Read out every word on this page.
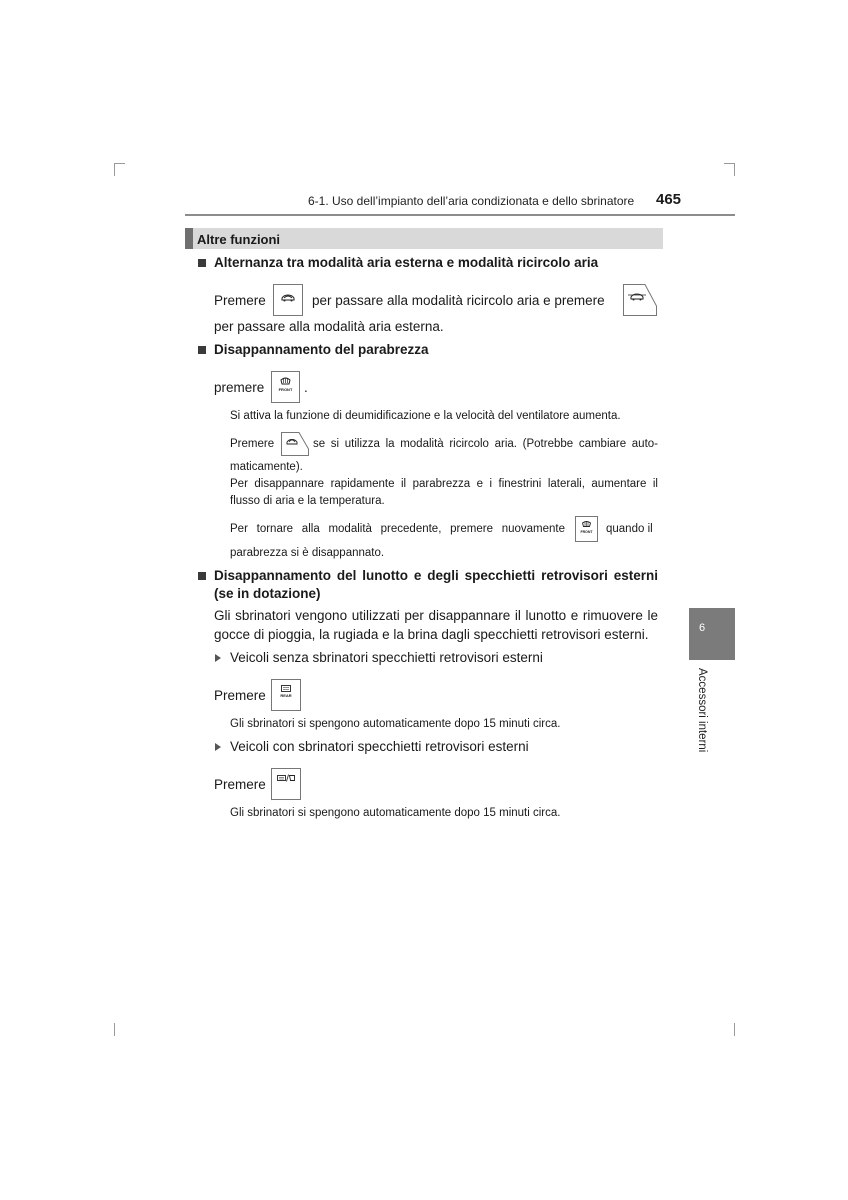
6-1. Uso dell’impianto dell’aria condizionata e dello sbrinatore 465
Altre funzioni
Alternanza tra modalità aria esterna e modalità ricircolo aria
Premere	per passare alla modalità ricircolo aria e premere
per passare alla modalità aria esterna.
Disappannamento del parabrezza
premere	FRONT .
Si attiva la funzione di deumidificazione e la velocità del ventilatore aumenta.
Premere	se si utilizza la modalità ricircolo aria. (Potrebbe cambiare auto-
maticamente).
Per disappannare rapidamente il parabrezza e i finestrini laterali, aumentare il
flusso di aria e la temperatura.
Per tornare alla modalità precedente, premere nuovamente	FRONT	quando il
parabrezza si è disappannato.
Disappannamento del lunotto e degli specchietti retrovisori esterni
(se in dotazione)
Gli sbrinatori vengono utilizzati per disappannare il lunotto e rimuovere le
gocce di pioggia, la rugiada e la brina dagli specchietti retrovisori esterni.
Veicoli senza sbrinatori specchietti retrovisori esterni
Premere	REAR
Gli sbrinatori si spengono automaticamente dopo 15 minuti circa.
Veicoli con sbrinatori specchietti retrovisori esterni
Premere
Gli sbrinatori si spengono automaticamente dopo 15 minuti circa.
6
Accessori interni
